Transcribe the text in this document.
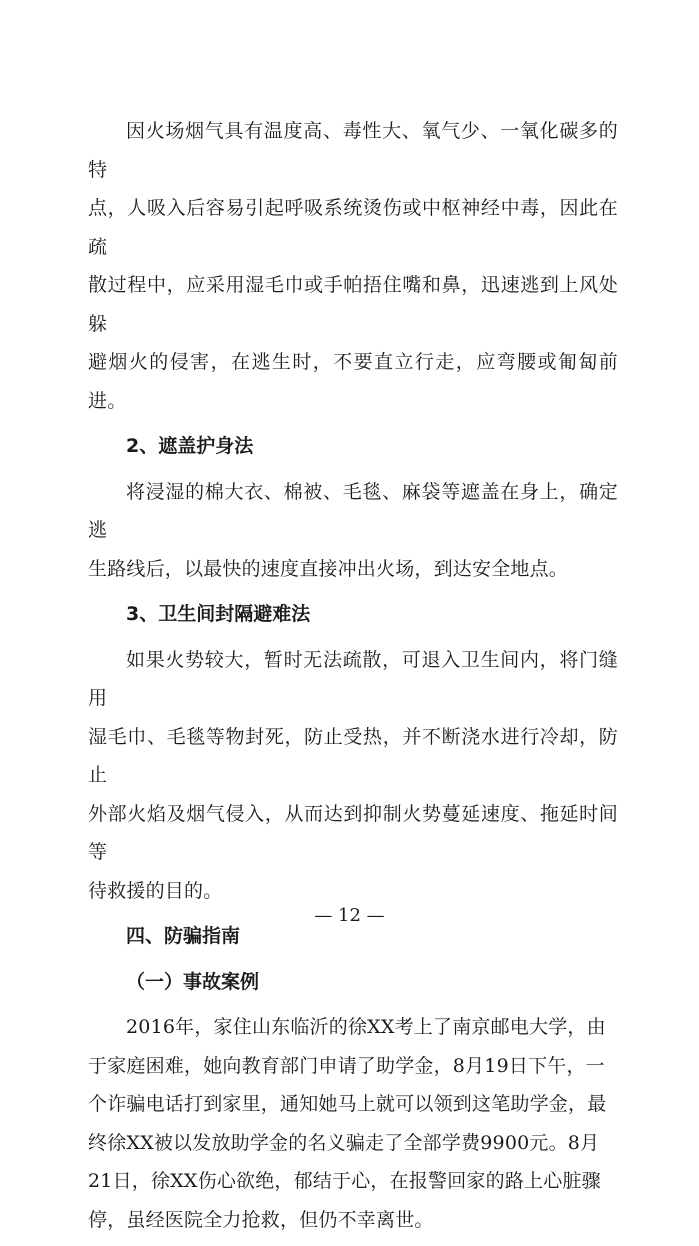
因火场烟气具有温度高、毒性大、氧气少、一氧化碳多的特
点，人吸入后容易引起呼吸系统烫伤或中枢神经中毒，因此在疏
散过程中，应采用湿毛巾或手帕捂住嘴和鼻，迅速逃到上风处躲
避烟火的侵害，在逃生时，不要直立行走，应弯腰或匍匐前进。

2、遮盖护身法

将浸湿的棉大衣、棉被、毛毯、麻袋等遮盖在身上，确定逃
生路线后，以最快的速度直接冲出火场，到达安全地点。

3、卫生间封隔避难法

如果火势较大，暂时无法疏散，可退入卫生间内，将门缝用
湿毛巾、毛毯等物封死，防止受热，并不断浇水进行冷却，防止
外部火焰及烟气侵入，从而达到抑制火势蔓延速度、拖延时间等
待救援的目的。

四、防骗指南

（一）事故案例

2016年，家住山东临沂的徐XX考上了南京邮电大学，由
于家庭困难，她向教育部门申请了助学金，8月19日下午，一
个诈骗电话打到家里，通知她马上就可以领到这笔助学金，最
终徐XX被以发放助学金的名义骗走了全部学费9900元。8月
21日，徐XX伤心欲绝，郁结于心，在报警回家的路上心脏骤
停，虽经医院全力抢救，但仍不幸离世。

— 12 —
